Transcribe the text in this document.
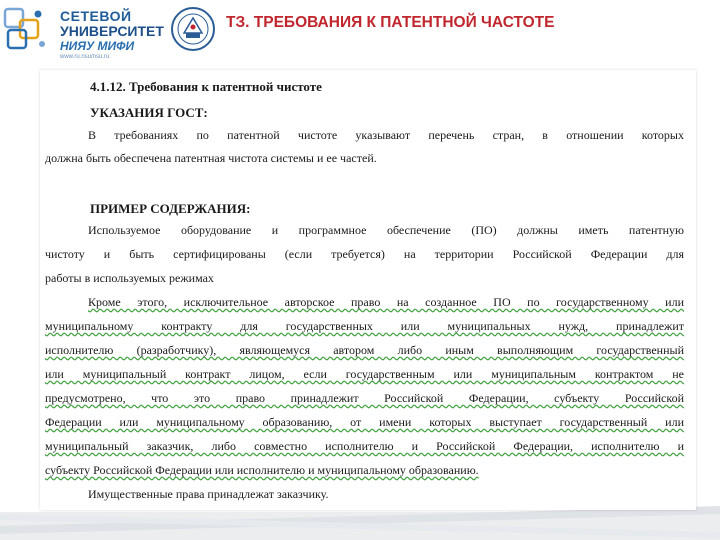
СЕТЕВОЙ
УНИВЕРСИТЕТ
НИЯУ МИФИ
www.ru.nsu/nsu.ru
ТЗ. ТРЕБОВАНИЯ К ПАТЕНТНОЙ ЧАСТОТЕ

4.1.12. Требования к патентной чистоте

УКАЗАНИЯ ГОСТ:

В требованиях по патентной чистоте указывают перечень стран, в отношении которых

должна быть обеспечена патентная чистота системы и ее частей.

ПРИМЕР СОДЕРЖАНИЯ:

Используемое оборудование и программное обеспечение (ПО) должны иметь патентную

чистоту и быть сертифицированы (если требуется) на территории Российской Федерации для

работы в используемых режимах

Кроме этого, исключительное авторское право на созданное ПО по государственному или

муниципальному контракту для государственных или муниципальных нужд, принадлежит

исполнителю (разработчику), являющемуся автором либо иным выполняющим государственный

или муниципальный контракт лицом, если государственным или муниципальным контрактом не

предусмотрено, что это право принадлежит Российской Федерации, субъекту Российской

Федерации или муниципальному образованию, от имени которых выступает государственный или

муниципальный заказчик, либо совместно исполнителю и Российской Федерации, исполнителю и

субъекту Российской Федерации или исполнителю и муниципальному образованию.

Имущественные права принадлежат заказчику.
